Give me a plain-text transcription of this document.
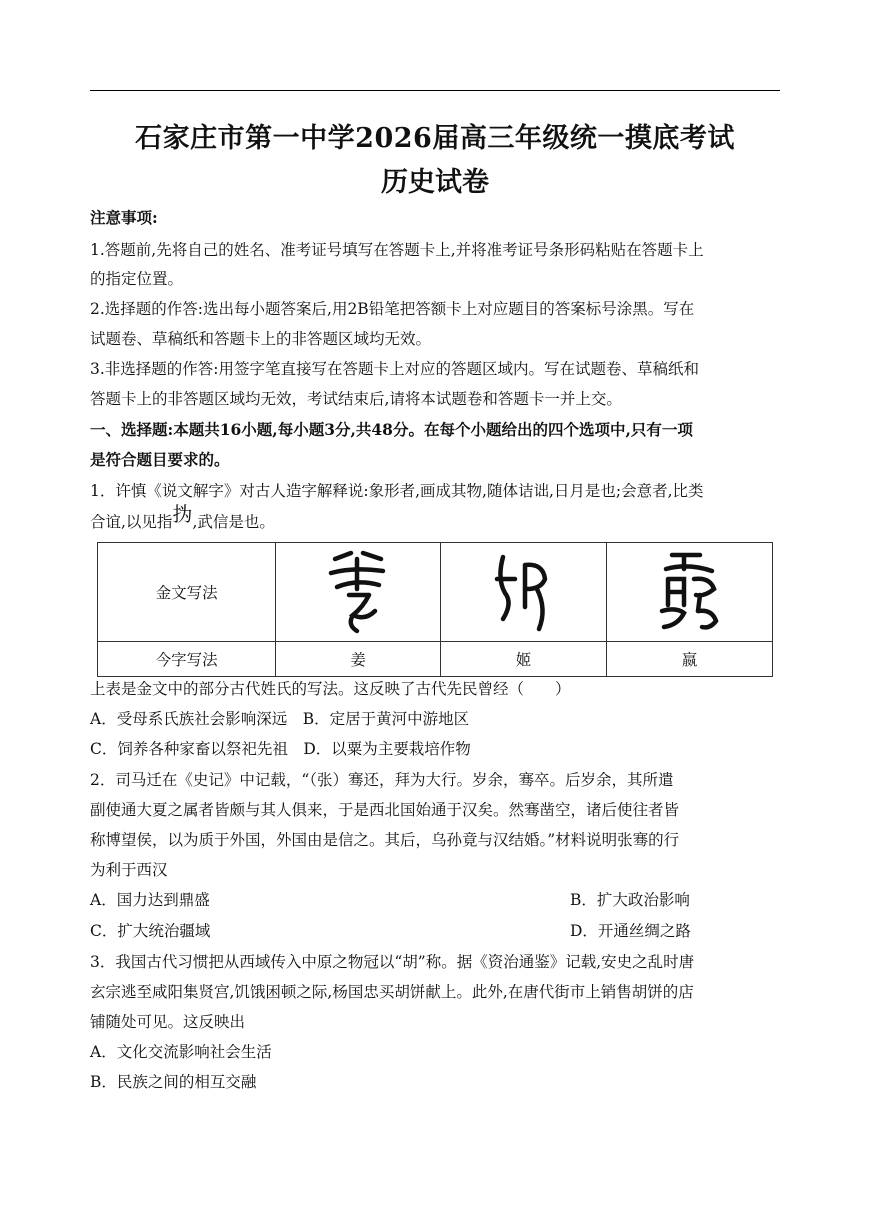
石家庄市第一中学2026届高三年级统一摸底考试
历史试卷
注意事项:
1.答题前,先将自己的姓名、准考证号填写在答题卡上,并将准考证号条形码粘贴在答题卡上
的指定位置。
2.选择题的作答:选出每小题答案后,用2B铅笔把答额卡上对应题目的答案标号涂黑。写在
试题卷、草稿纸和答题卡上的非答题区域均无效。
3.非选择题的作答:用签字笔直接写在答题卡上对应的答题区域内。写在试题卷、草稿纸和
答题卡上的非答题区域均无效，考试结束后,请将本试题卷和答题卡一并上交。
一、选择题:本题共16小题,每小题3分,共48分。在每个小题给出的四个选项中,只有一项
是符合题目要求的。
1．许慎《说文解字》对古人造字解释说:象形者,画成其物,随体诘诎,日月是也;会意者,比类
合谊,以见指㧑,武信是也。
金文写法	

今字写法	姜	姬	嬴
上表是金文中的部分古代姓氏的写法。这反映了古代先民曾经（　　）
A．受母系氏族社会影响深远　B．定居于黄河中游地区
C．饲养各种家畜以祭祀先祖　D．以粟为主要栽培作物
2．司马迁在《史记》中记载，“（张）骞还，拜为大行。岁余，骞卒。后岁余，其所遣
副使通大夏之属者皆颇与其人俱来，于是西北国始通于汉矣。然骞凿空，诸后使往者皆
称博望侯，以为质于外国，外国由是信之。其后，乌孙竟与汉结婚。”材料说明张骞的行
为利于西汉
A．国力达到鼎盛	B．扩大政治影响
C．扩大统治疆域	D．开通丝绸之路
3．我国古代习惯把从西域传入中原之物冠以“胡”称。据《资治通鉴》记载,安史之乱时唐
玄宗逃至咸阳集贤宫,饥饿困顿之际,杨国忠买胡饼献上。此外,在唐代街市上销售胡饼的店
铺随处可见。这反映出
A．文化交流影响社会生活
B．民族之间的相互交融
